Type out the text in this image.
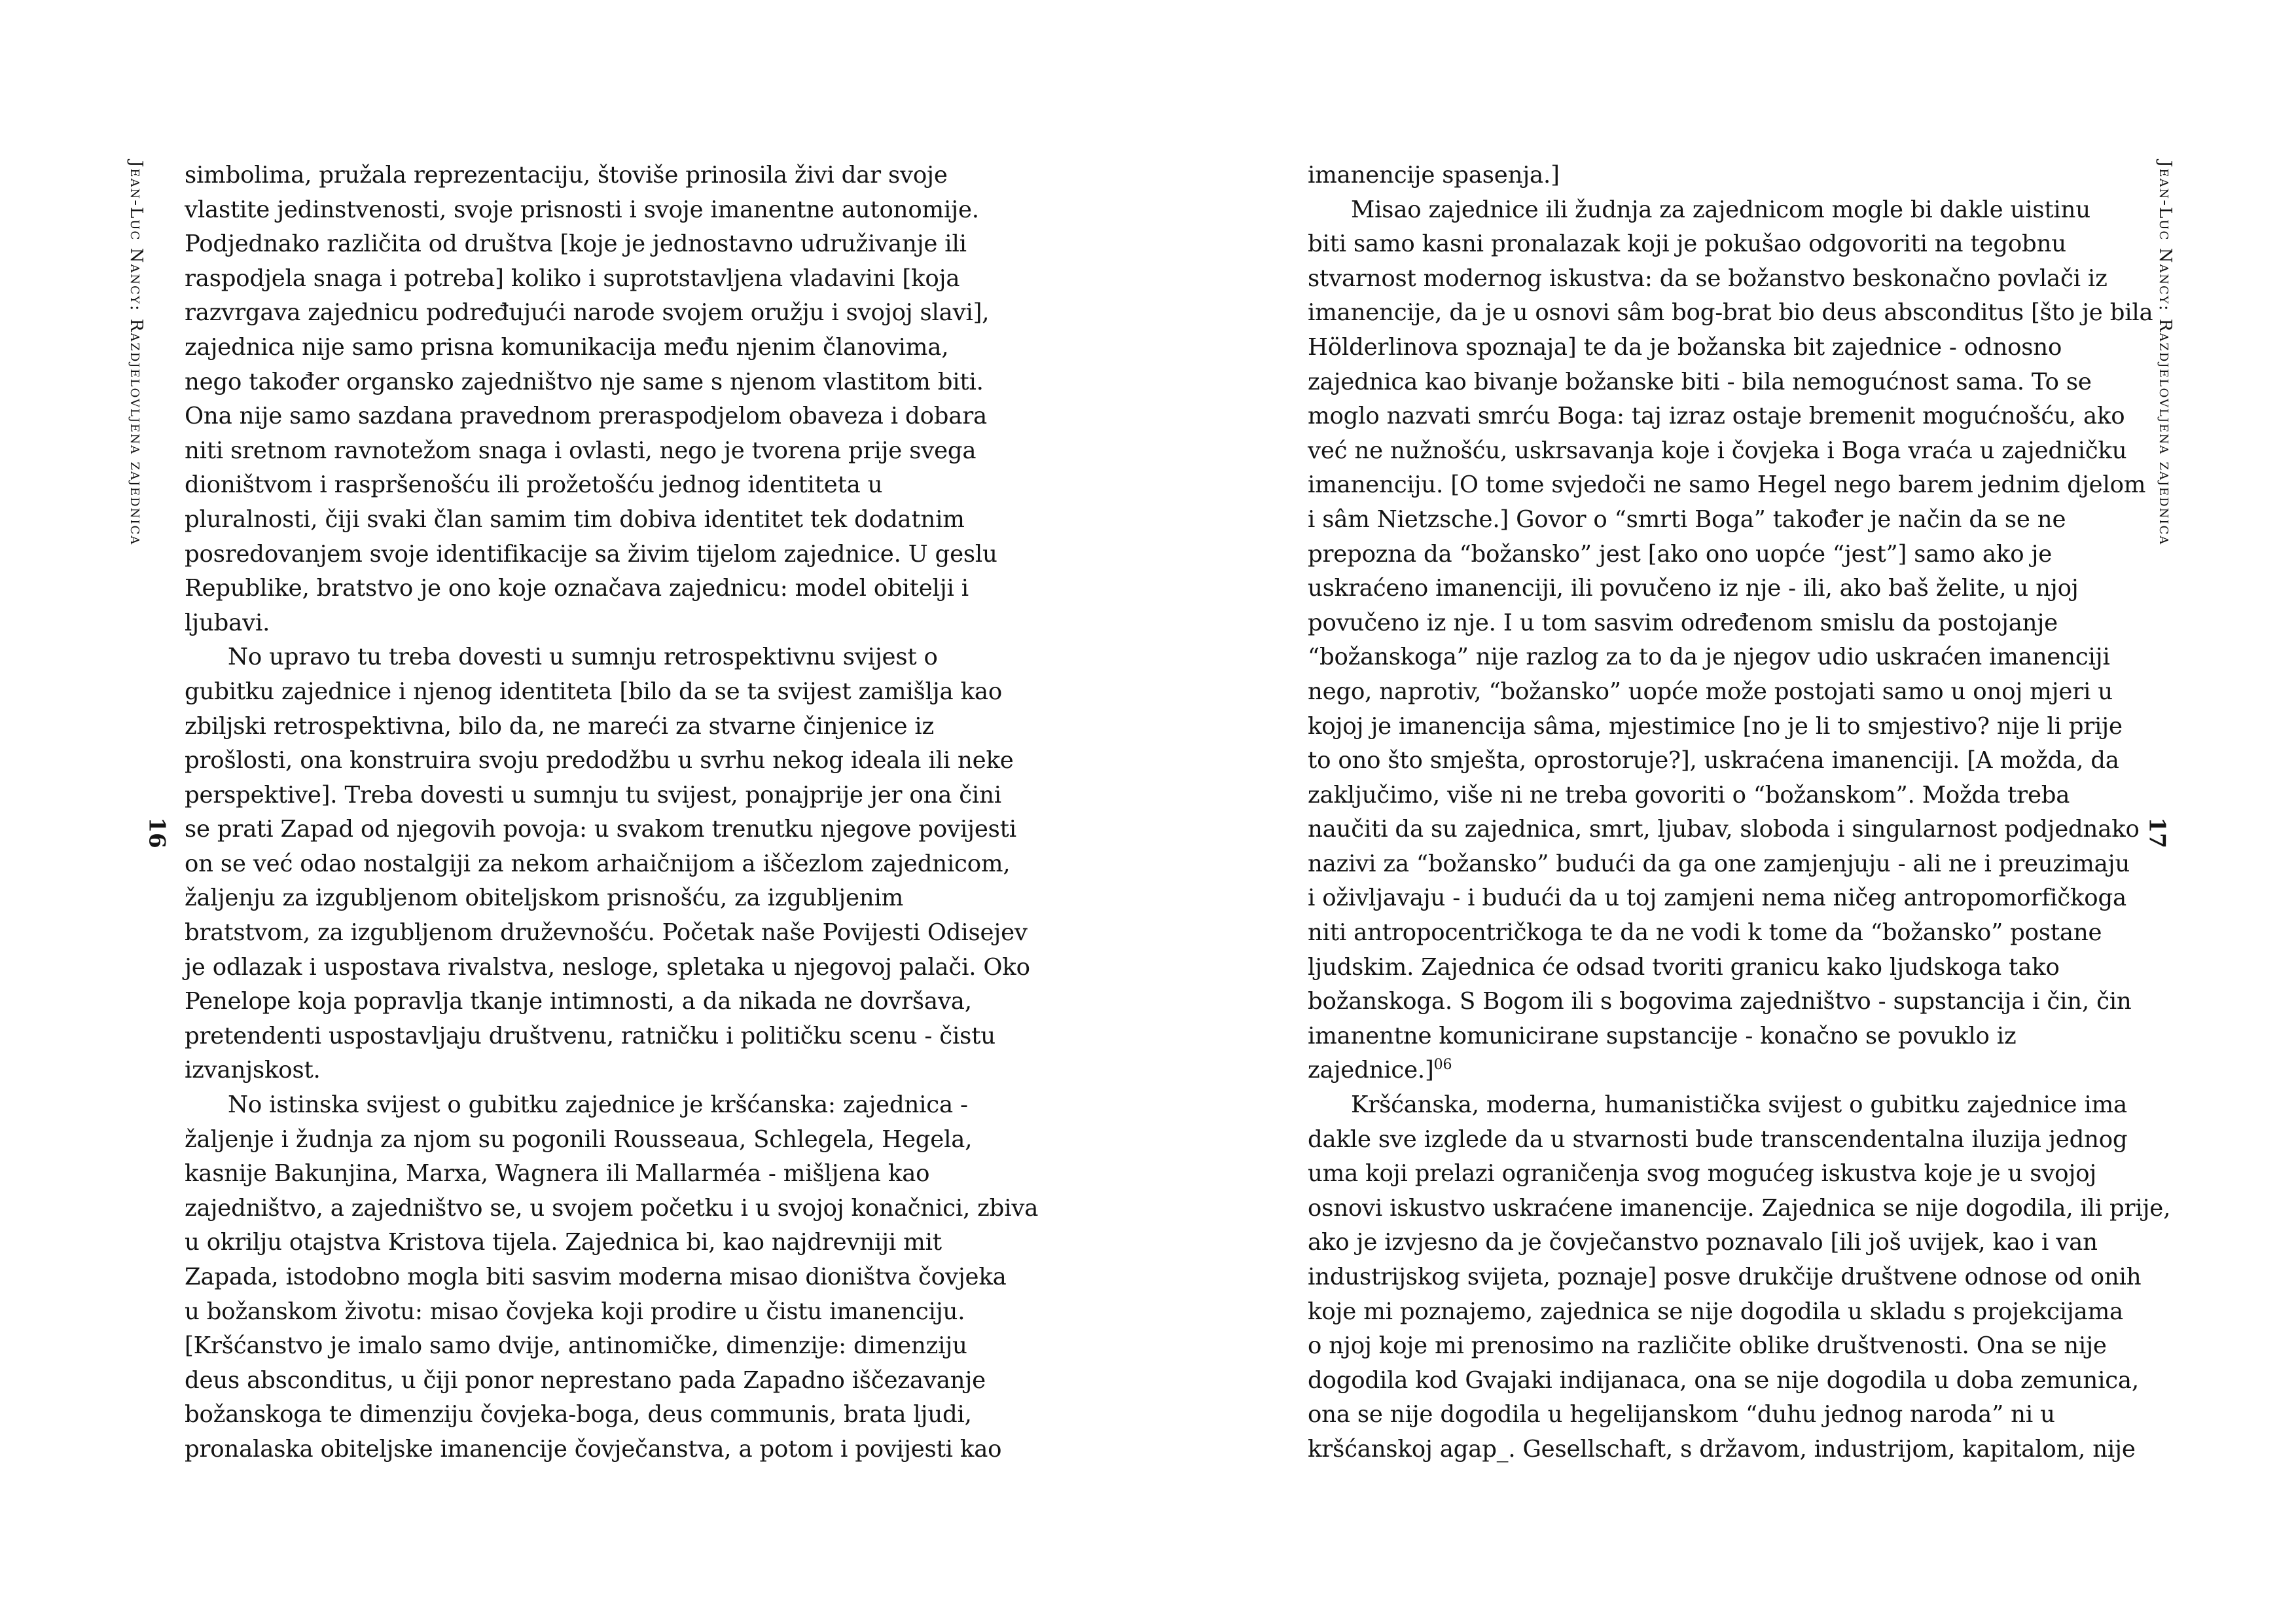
Jean-Luc Nancy: Razdjelovljena zajednica
16
simbolima, pružala reprezentaciju, štoviše prinosila živi dar svoje
vlastite jedinstvenosti, svoje prisnosti i svoje imanentne autonomije.
Podjednako različita od društva [koje je jednostavno udruživanje ili
raspodjela snaga i potreba] koliko i suprotstavljena vladavini [koja
razvrgava zajednicu podređujući narode svojem oružju i svojoj slavi],
zajednica nije samo prisna komunikacija među njenim članovima,
nego također organsko zajedništvo nje same s njenom vlastitom biti.
Ona nije samo sazdana pravednom preraspodjelom obaveza i dobara
niti sretnom ravnotežom snaga i ovlasti, nego je tvorena prije svega
dioništvom i raspršenošću ili prožetošću jednog identiteta u
pluralnosti, čiji svaki član samim tim dobiva identitet tek dodatnim
posredovanjem svoje identifikacije sa živim tijelom zajednice. U geslu
Republike, bratstvo je ono koje označava zajednicu: model obitelji i
ljubavi.
No upravo tu treba dovesti u sumnju retrospektivnu svijest o
gubitku zajednice i njenog identiteta [bilo da se ta svijest zamišlja kao
zbiljski retrospektivna, bilo da, ne mareći za stvarne činjenice iz
prošlosti, ona konstruira svoju predodžbu u svrhu nekog ideala ili neke
perspektive]. Treba dovesti u sumnju tu svijest, ponajprije jer ona čini
se prati Zapad od njegovih povoja: u svakom trenutku njegove povijesti
on se već odao nostalgiji za nekom arhaičnijom a iščezlom zajednicom,
žaljenju za izgubljenom obiteljskom prisnošću, za izgubljenim
bratstvom, za izgubljenom druževnošću. Početak naše Povijesti Odisejev
je odlazak i uspostava rivalstva, nesloge, spletaka u njegovoj palači. Oko
Penelope koja popravlja tkanje intimnosti, a da nikada ne dovršava,
pretendenti uspostavljaju društvenu, ratničku i političku scenu - čistu
izvanjskost.
No istinska svijest o gubitku zajednice je kršćanska: zajednica -
žaljenje i žudnja za njom su pogonili Rousseaua, Schlegela, Hegela,
kasnije Bakunjina, Marxa, Wagnera ili Mallarméa - mišljena kao
zajedništvo, a zajedništvo se, u svojem početku i u svojoj konačnici, zbiva
u okrilju otajstva Kristova tijela. Zajednica bi, kao najdrevniji mit
Zapada, istodobno mogla biti sasvim moderna misao dioništva čovjeka
u božanskom životu: misao čovjeka koji prodire u čistu imanenciju.
[Kršćanstvo je imalo samo dvije, antinomičke, dimenzije: dimenziju
deus absconditus, u čiji ponor neprestano pada Zapadno iščezavanje
božanskoga te dimenziju čovjeka-boga, deus communis, brata ljudi,
pronalaska obiteljske imanencije čovječanstva, a potom i povijesti kao
imanencije spasenja.]
Misao zajednice ili žudnja za zajednicom mogle bi dakle uistinu
biti samo kasni pronalazak koji je pokušao odgovoriti na tegobnu
stvarnost modernog iskustva: da se božanstvo beskonačno povlači iz
imanencije, da je u osnovi sâm bog-brat bio deus absconditus [što je bila
Hölderlinova spoznaja] te da je božanska bit zajednice - odnosno
zajednica kao bivanje božanske biti - bila nemogućnost sama. To se
moglo nazvati smrću Boga: taj izraz ostaje bremenit mogućnošću, ako
već ne nužnošću, uskrsavanja koje i čovjeka i Boga vraća u zajedničku
imanenciju. [O tome svjedoči ne samo Hegel nego barem jednim djelom
i sâm Nietzsche.] Govor o “smrti Boga” također je način da se ne
prepozna da “božansko” jest [ako ono uopće “jest”] samo ako je
uskraćeno imanenciji, ili povučeno iz nje - ili, ako baš želite, u njoj
povučeno iz nje. I u tom sasvim određenom smislu da postojanje
“božanskoga” nije razlog za to da je njegov udio uskraćen imanenciji
nego, naprotiv, “božansko” uopće može postojati samo u onoj mjeri u
kojoj je imanencija sâma, mjestimice [no je li to smjestivo? nije li prije
to ono što smješta, oprostoruje?], uskraćena imanenciji. [A možda, da
zaključimo, više ni ne treba govoriti o “božanskom”. Možda treba
naučiti da su zajednica, smrt, ljubav, sloboda i singularnost podjednako
nazivi za “božansko” budući da ga one zamjenjuju - ali ne i preuzimaju
i oživljavaju - i budući da u toj zamjeni nema ničeg antropomorfičkoga
niti antropocentričkoga te da ne vodi k tome da “božansko” postane
ljudskim. Zajednica će odsad tvoriti granicu kako ljudskoga tako
božanskoga. S Bogom ili s bogovima zajedništvo - supstancija i čin, čin
imanentne komunicirane supstancije - konačno se povuklo iz
zajednice.]$^{06}$
Kršćanska, moderna, humanistička svijest o gubitku zajednice ima
dakle sve izglede da u stvarnosti bude transcendentalna iluzija jednog
uma koji prelazi ograničenja svog mogućeg iskustva koje je u svojoj
osnovi iskustvo uskraćene imanencije. Zajednica se nije dogodila, ili prije,
ako je izvjesno da je čovječanstvo poznavalo [ili još uvijek, kao i van
industrijskog svijeta, poznaje] posve drukčije društvene odnose od onih
koje mi poznajemo, zajednica se nije dogodila u skladu s projekcijama
o njoj koje mi prenosimo na različite oblike društvenosti. Ona se nije
dogodila kod Gvajaki indijanaca, ona se nije dogodila u doba zemunica,
ona se nije dogodila u hegelijanskom “duhu jednog naroda” ni u
kršćanskoj agap_. Gesellschaft, s državom, industrijom, kapitalom, nije
17
Jean-Luc Nancy: Razdjelovljena zajednica
